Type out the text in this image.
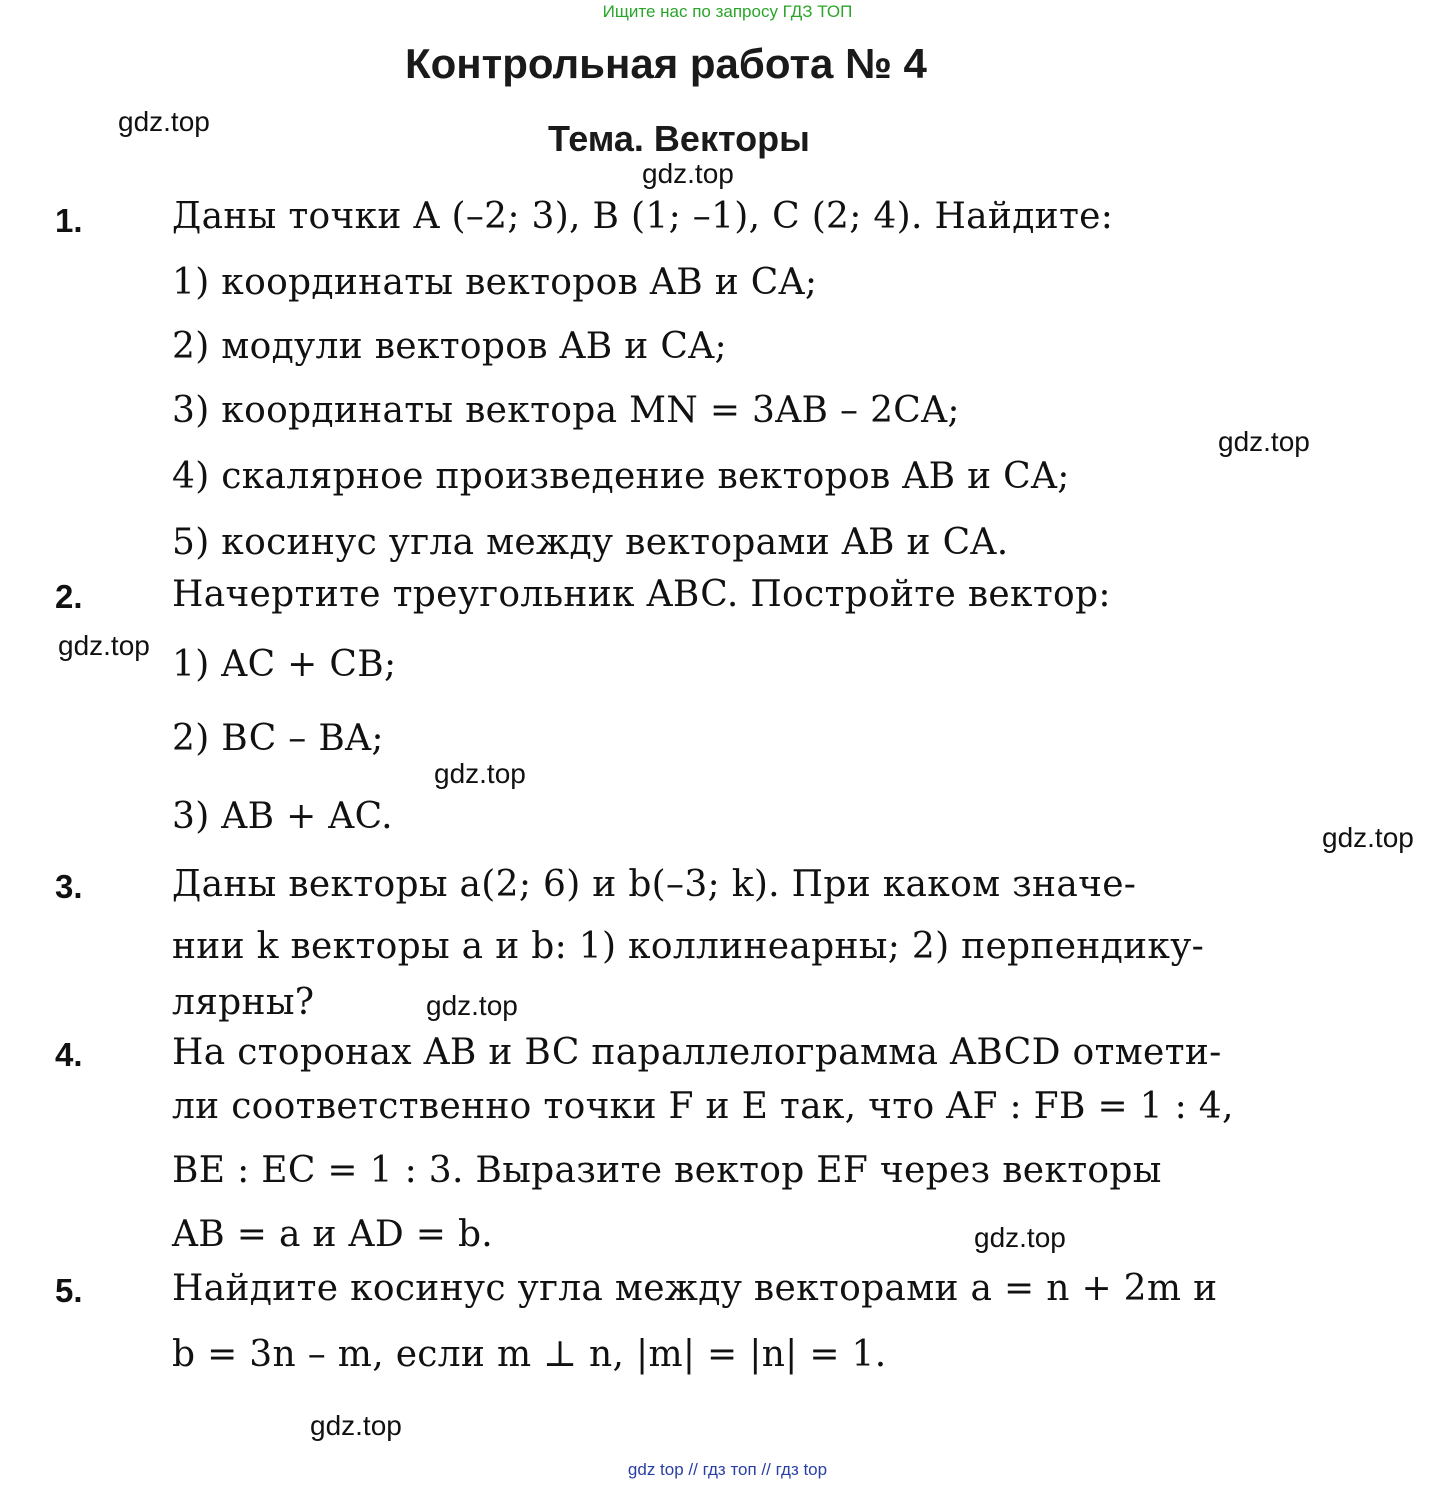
Ищите нас по запросу ГДЗ ТОП
Контрольная работа № 4
Тема. Векторы
gdz.top
gdz.top
gdz.top
gdz.top
gdz.top
gdz.top
gdz.top
gdz.top
gdz.top
1. Даны точки A (–2; 3), B (1; –1), C (2; 4). Найдите:
1) координаты векторов AB и CA;
2) модули векторов AB и CA;
3) координаты вектора MN = 3AB – 2CA;
4) скалярное произведение векторов AB и CA;
5) косинус угла между векторами AB и CA.
2. Начертите треугольник ABC. Постройте вектор:
1) AC + CB;
2) BC – BA;
3) AB + AC.
3. Даны векторы a(2; 6) и b(–3; k). При каком значе-
нии k векторы a и b: 1) коллинеарны; 2) перпендику-
лярны?
4. На сторонах AB и BC параллелограмма ABCD отмети-
ли соответственно точки F и E так, что AF : FB = 1 : 4,
BE : EC = 1 : 3. Выразите вектор EF через векторы
AB = a и AD = b.
5. Найдите косинус угла между векторами a = n + 2m и
b = 3n – m, если m ⊥ n, |m| = |n| = 1.
gdz top // гдз топ // гдз top
